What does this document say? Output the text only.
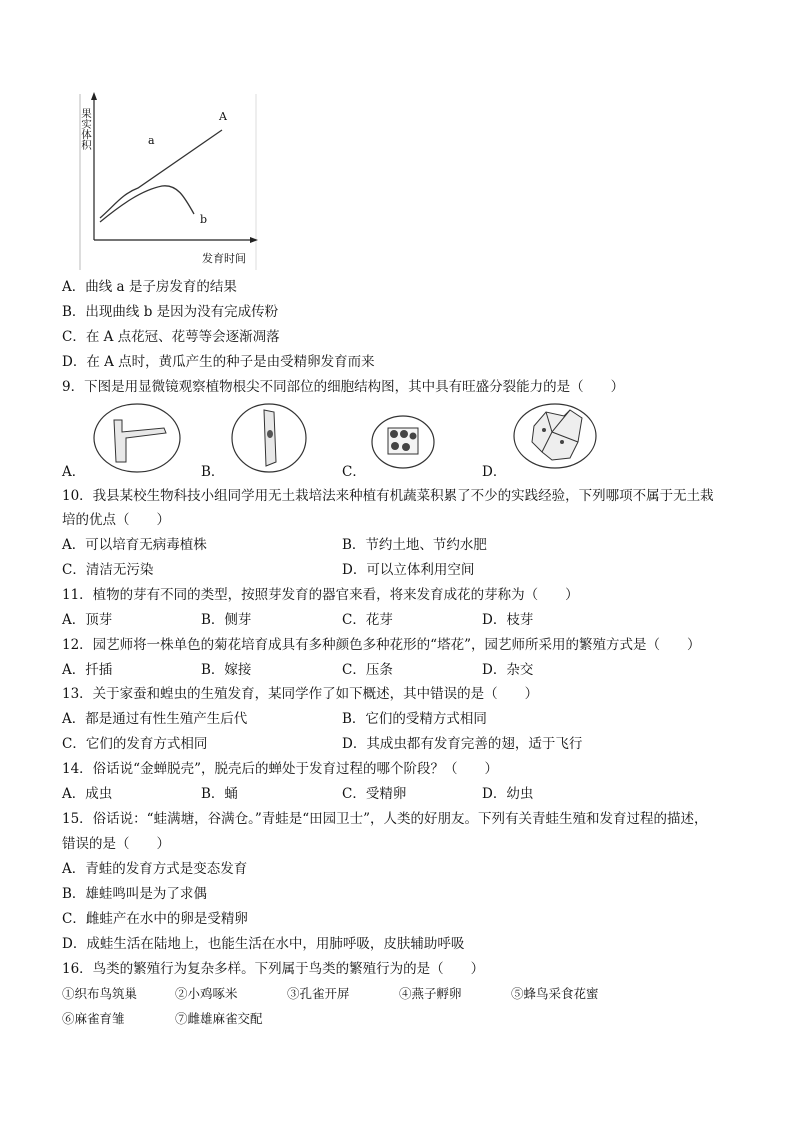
果实体积
发育时间
a
b
A
A．曲线 a 是子房发育的结果
B．出现曲线 b 是因为没有完成传粉
C．在 A 点花冠、花萼等会逐渐凋落
D．在 A 点时，黄瓜产生的种子是由受精卵发育而来
9．下图是用显微镜观察植物根尖不同部位的细胞结构图，其中具有旺盛分裂能力的是（　　）
A．	B．	C．	D．
10．我县某校生物科技小组同学用无土栽培法来种植有机蔬菜积累了不少的实践经验，下列哪项不属于无土栽
培的优点（　　）
A．可以培育无病毒植株	B．节约土地、节约水肥
C．清洁无污染	D．可以立体利用空间
11．植物的芽有不同的类型，按照芽发育的器官来看，将来发育成花的芽称为（　　）
A．顶芽	B．侧芽	C．花芽	D．枝芽
12．园艺师将一株单色的菊花培育成具有多种颜色多种花形的“塔花”，园艺师所采用的繁殖方式是（　　）
A．扦插	B．嫁接	C．压条	D．杂交
13．关于家蚕和蝗虫的生殖发育，某同学作了如下概述，其中错误的是（　　）
A．都是通过有性生殖产生后代	B．它们的受精方式相同
C．它们的发育方式相同	D．其成虫都有发育完善的翅，适于飞行
14．俗话说“金蝉脱壳”，脱壳后的蝉处于发育过程的哪个阶段？（　　）
A．成虫	B．蛹	C．受精卵	D．幼虫
15．俗话说：“蛙满塘，谷满仓。”青蛙是“田园卫士”，人类的好朋友。下列有关青蛙生殖和发育过程的描述，
错误的是（　　）
A．青蛙的发育方式是变态发育
B．雄蛙鸣叫是为了求偶
C．雌蛙产在水中的卵是受精卵
D．成蛙生活在陆地上，也能生活在水中，用肺呼吸，皮肤辅助呼吸
16．鸟类的繁殖行为复杂多样。下列属于鸟类的繁殖行为的是（　　）
①织布鸟筑巢	②小鸡啄米	③孔雀开屏	④燕子孵卵	⑤蜂鸟采食花蜜
⑥麻雀育雏	⑦雌雄麻雀交配
